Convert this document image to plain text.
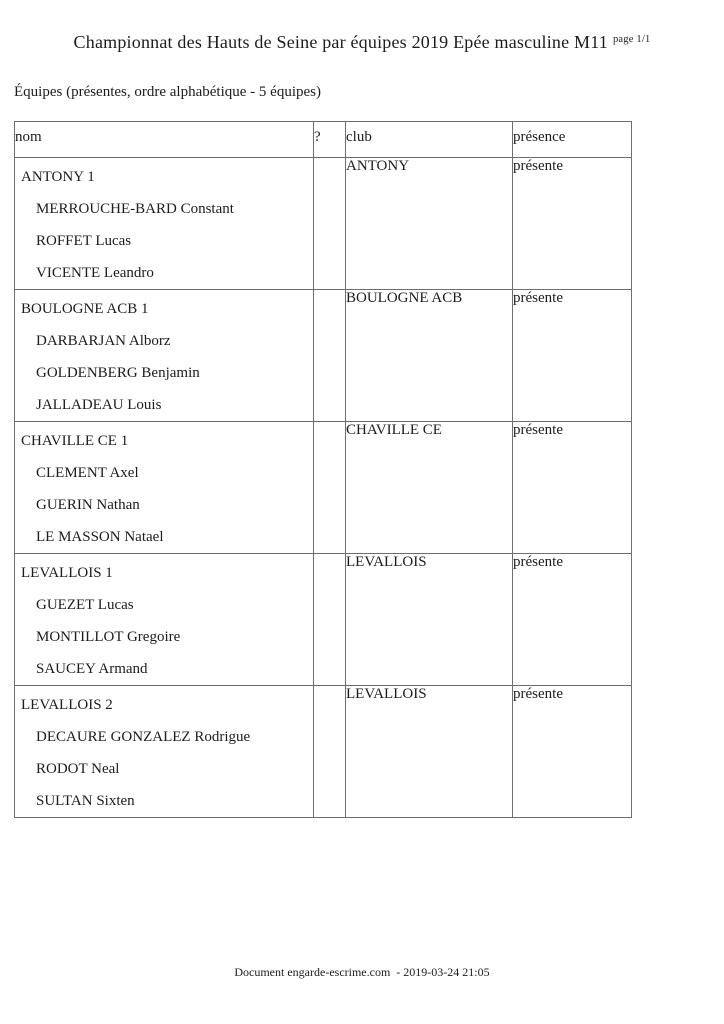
Championnat des Hauts de Seine par équipes 2019 Epée masculine M11 $^{page 1/1}$
Équipes (présentes, ordre alphabétique - 5 équipes)
nom	?	club	présence

ANTONY 1
MERROUCHE-BARD Constant
ROFFET Lucas
VICENTE Leandro		ANTONY	présente

BOULOGNE ACB 1
DARBARJAN Alborz
GOLDENBERG Benjamin
JALLADEAU Louis		BOULOGNE ACB	présente

CHAVILLE CE 1
CLEMENT Axel
GUERIN Nathan
LE MASSON Natael		CHAVILLE CE	présente

LEVALLOIS 1
GUEZET Lucas
MONTILLOT Gregoire
SAUCEY Armand		LEVALLOIS	présente

LEVALLOIS 2
DECAURE GONZALEZ Rodrigue
RODOT Neal
SULTAN Sixten		LEVALLOIS	présente
Document engarde-escrime.com  - 2019-03-24 21:05
